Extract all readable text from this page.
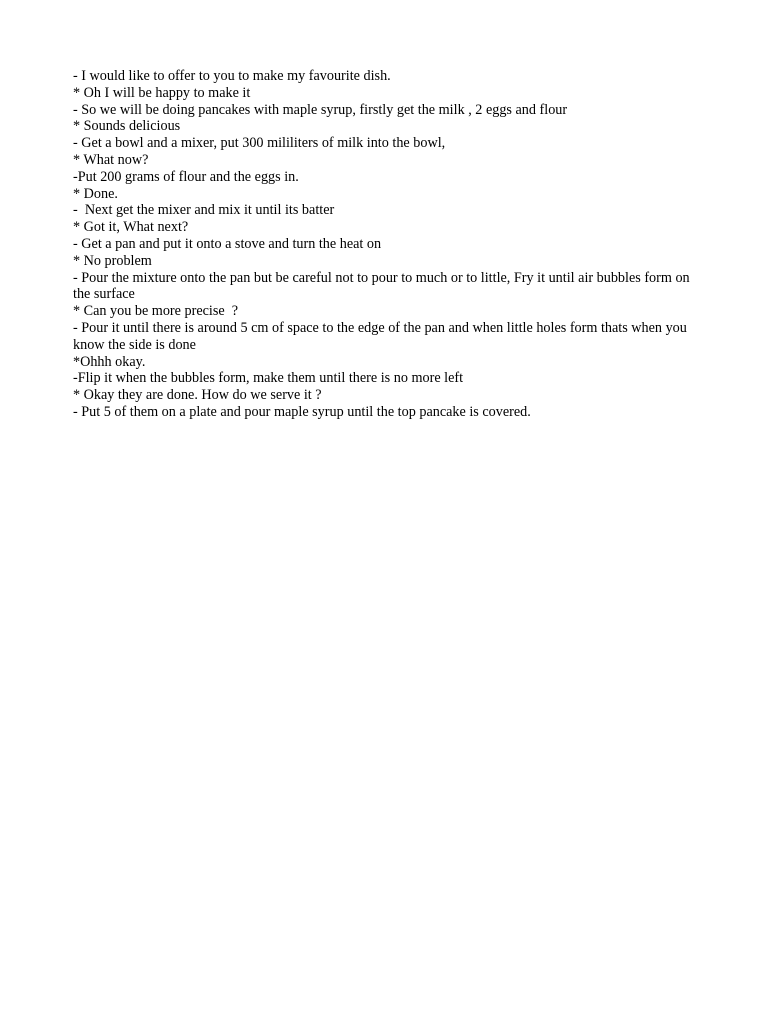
- I would like to offer to you to make my favourite dish.
* Oh I will be happy to make it
- So we will be doing pancakes with maple syrup, firstly get the milk , 2 eggs and flour
* Sounds delicious
- Get a bowl and a mixer, put 300 mililiters of milk into the bowl,
* What now?
-Put 200 grams of flour and the eggs in.
* Done.
-  Next get the mixer and mix it until its batter
* Got it, What next?
- Get a pan and put it onto a stove and turn the heat on
* No problem
- Pour the mixture onto the pan but be careful not to pour to much or to little, Fry it until air bubbles form on the surface
* Can you be more precise  ?
- Pour it until there is around 5 cm of space to the edge of the pan and when little holes form thats when you know the side is done
*Ohhh okay.
-Flip it when the bubbles form, make them until there is no more left
* Okay they are done. How do we serve it ?
- Put 5 of them on a plate and pour maple syrup until the top pancake is covered.
